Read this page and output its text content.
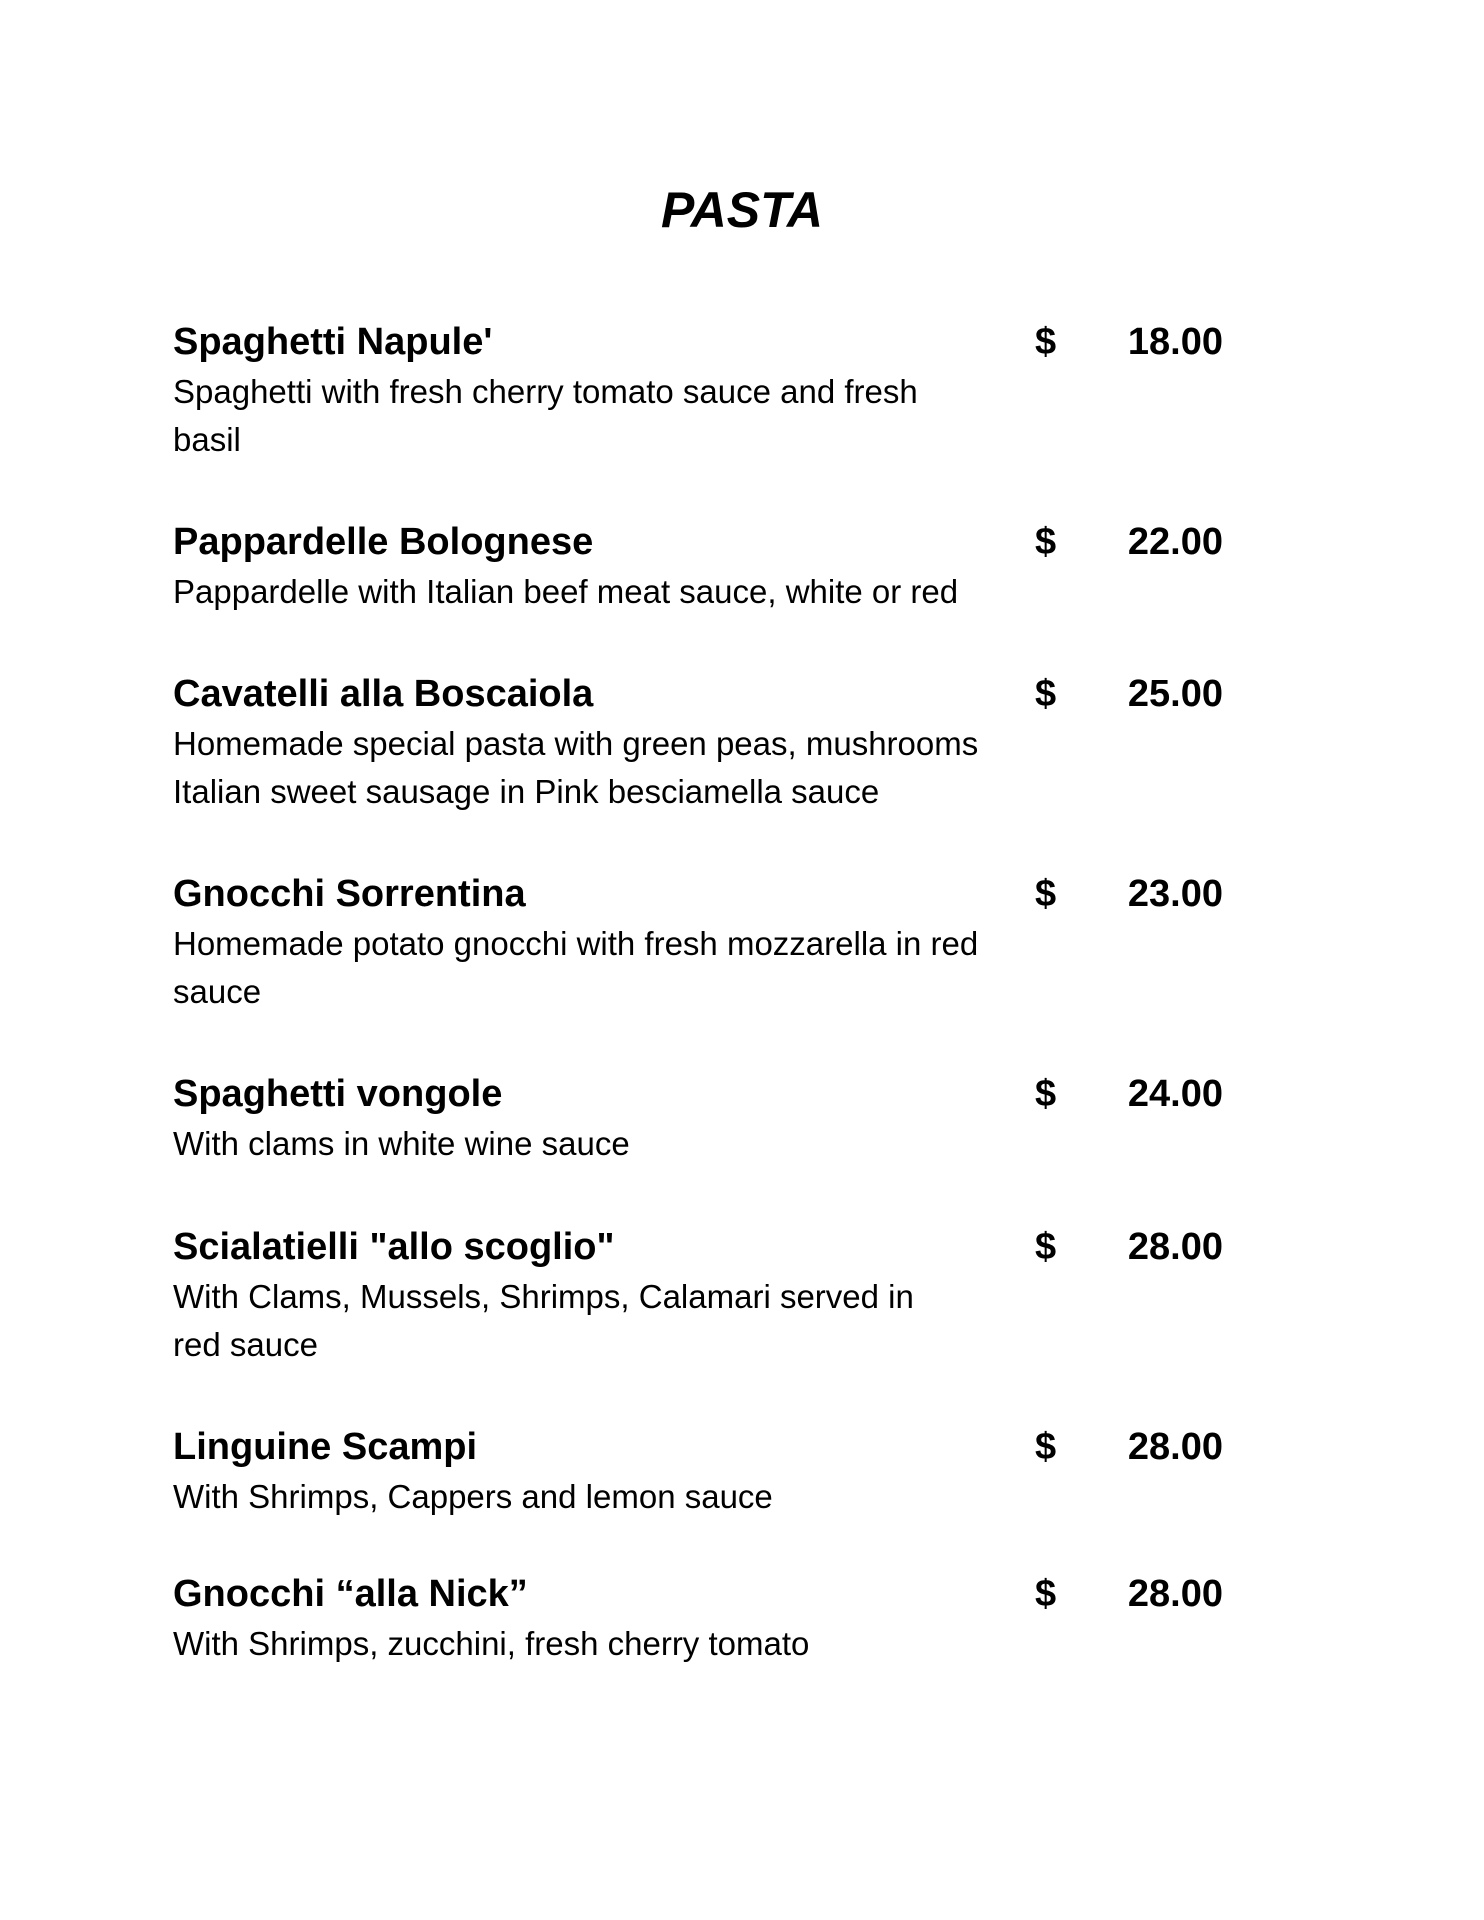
PASTA
Spaghetti Napule'	$	18.00
Spaghetti with fresh cherry tomato sauce and fresh basil
Pappardelle Bolognese	$	22.00
Pappardelle with Italian beef meat sauce, white or red
Cavatelli alla Boscaiola	$	25.00
Homemade special pasta with green peas, mushrooms Italian sweet sausage in Pink besciamella sauce
Gnocchi Sorrentina	$	23.00
Homemade potato gnocchi with fresh mozzarella in red sauce
Spaghetti vongole	$	24.00
With clams in white wine sauce
Scialatielli "allo scoglio"	$	28.00
With Clams, Mussels, Shrimps, Calamari served in red sauce
Linguine Scampi	$	28.00
With Shrimps, Cappers and lemon sauce
Gnocchi “alla Nick”	$	28.00
With Shrimps, zucchini, fresh cherry tomato
